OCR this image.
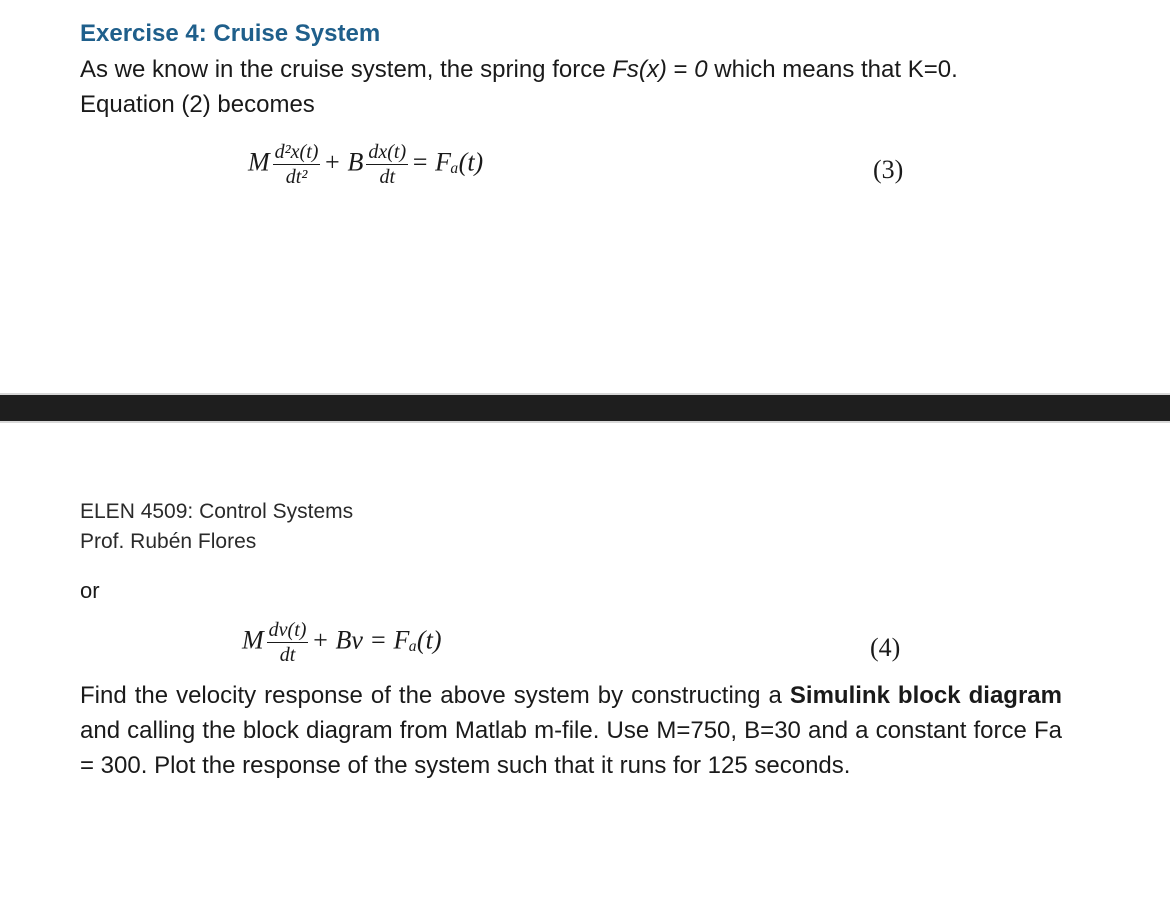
Exercise 4: Cruise System
As we know in the cruise system, the spring force Fs(x) = 0 which means that K=0.
Equation (2) becomes
M $\frac{\text{d²x(t)}}{\text{dt²}} + B \frac{dx(t)}{dt} = F_a(t)$	(3)
ELEN 4509: Control Systems
Prof. Rubén Flores
or
M $\frac{dv(t)}{dt} + Bv = F_a(t)$	(4)
Find the velocity response of the above system by constructing a Simulink block diagram and calling the block diagram from Matlab m-file. Use M=750, B=30 and a constant force Fa = 300. Plot the response of the system such that it runs for 125 seconds.
